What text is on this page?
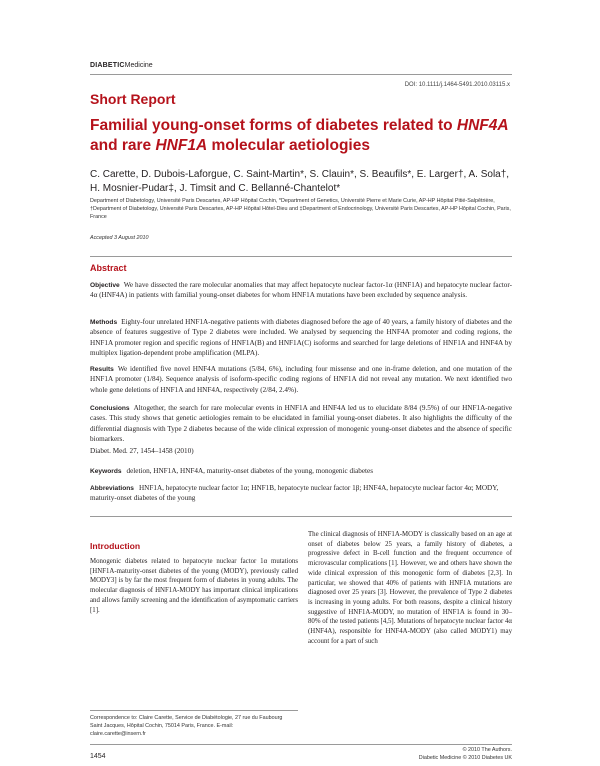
DIABETICMedicine
DOI: 10.1111/j.1464-5491.2010.03115.x
Short Report
Familial young-onset forms of diabetes related to HNF4A and rare HNF1A molecular aetiologies
C. Carette, D. Dubois-Laforgue, C. Saint-Martin*, S. Clauin*, S. Beaufils*, E. Larger†, A. Sola†, H. Mosnier-Pudar‡, J. Timsit and C. Bellanné-Chantelot*
Department of Diabetology, Université Paris Descartes, AP-HP Hôpital Cochin, *Department of Genetics, Université Pierre et Marie Curie, AP-HP Hôpital Pitié-Salpêtrière, †Department of Diabetology, Université Paris Descartes, AP-HP Hôpital Hôtel-Dieu and ‡Department of Endocrinology, Université Paris Descartes, AP-HP Hôpital Cochin, Paris, France
Accepted 3 August 2010
Abstract
Objective We have dissected the rare molecular anomalies that may affect hepatocyte nuclear factor-1α (HNF1A) and hepatocyte nuclear factor-4α (HNF4A) in patients with familial young-onset diabetes for whom HNF1A mutations have been excluded by sequence analysis.
Methods Eighty-four unrelated HNF1A-negative patients with diabetes diagnosed before the age of 40 years, a family history of diabetes and the absence of features suggestive of Type 2 diabetes were included. We analysed by sequencing the HNF4A promoter and coding regions, the HNF1A promoter region and specific regions of HNF1A(B) and HNF1A(C) isoforms and searched for large deletions of HNF1A and HNF4A by multiplex ligation-dependent probe amplification (MLPA).
Results We identified five novel HNF4A mutations (5/84, 6%), including four missense and one in-frame deletion, and one mutation of the HNF1A promoter (1/84). Sequence analysis of isoform-specific coding regions of HNF1A did not reveal any mutation. We next identified two whole gene deletions of HNF1A and HNF4A, respectively (2/84, 2.4%).
Conclusions Altogether, the search for rare molecular events in HNF1A and HNF4A led us to elucidate 8/84 (9.5%) of our HNF1A-negative cases. This study shows that genetic aetiologies remain to be elucidated in familial young-onset diabetes. It also highlights the difficulty of the differential diagnosis with Type 2 diabetes because of the wide clinical expression of monogenic young-onset diabetes and the absence of specific biomarkers.
Diabet. Med. 27, 1454–1458 (2010)
Keywords deletion, HNF1A, HNF4A, maturity-onset diabetes of the young, monogenic diabetes
Abbreviations HNF1A, hepatocyte nuclear factor 1α; HNF1B, hepatocyte nuclear factor 1β; HNF4A, hepatocyte nuclear factor 4α; MODY, maturity-onset diabetes of the young
Introduction
Monogenic diabetes related to hepatocyte nuclear factor 1α mutations [HNF1A-maturity-onset diabetes of the young (MODY), previously called MODY3] is by far the most frequent form of diabetes in young adults. The molecular diagnosis of HNF1A-MODY has important clinical implications and allows family screening and the identification of asymptomatic carriers [1].
The clinical diagnosis of HNF1A-MODY is classically based on an age at onset of diabetes below 25 years, a family history of diabetes, a progressive defect in B-cell function and the frequent occurrence of microvascular complications [1]. However, we and others have shown the wide clinical expression of this monogenic form of diabetes [2,3]. In particular, we showed that 40% of patients with HNF1A mutations are diagnosed over 25 years [3]. However, the prevalence of Type 2 diabetes is increasing in young adults. For both reasons, despite a clinical history suggestive of HNF1A-MODY, no mutation of HNF1A is found in 30–80% of the tested patients [4,5]. Mutations of hepatocyte nuclear factor 4α (HNF4A), responsible for HNF4A-MODY (also called MODY1) may account for a part of such
Correspondence to: Claire Carette, Service de Diabétologie, 27 rue du Faubourg Saint Jacques, Hôpital Cochin, 75014 Paris, France. E-mail: claire.carette@insern.fr
1454
© 2010 The Authors.
Diabetic Medicine © 2010 Diabetes UK
